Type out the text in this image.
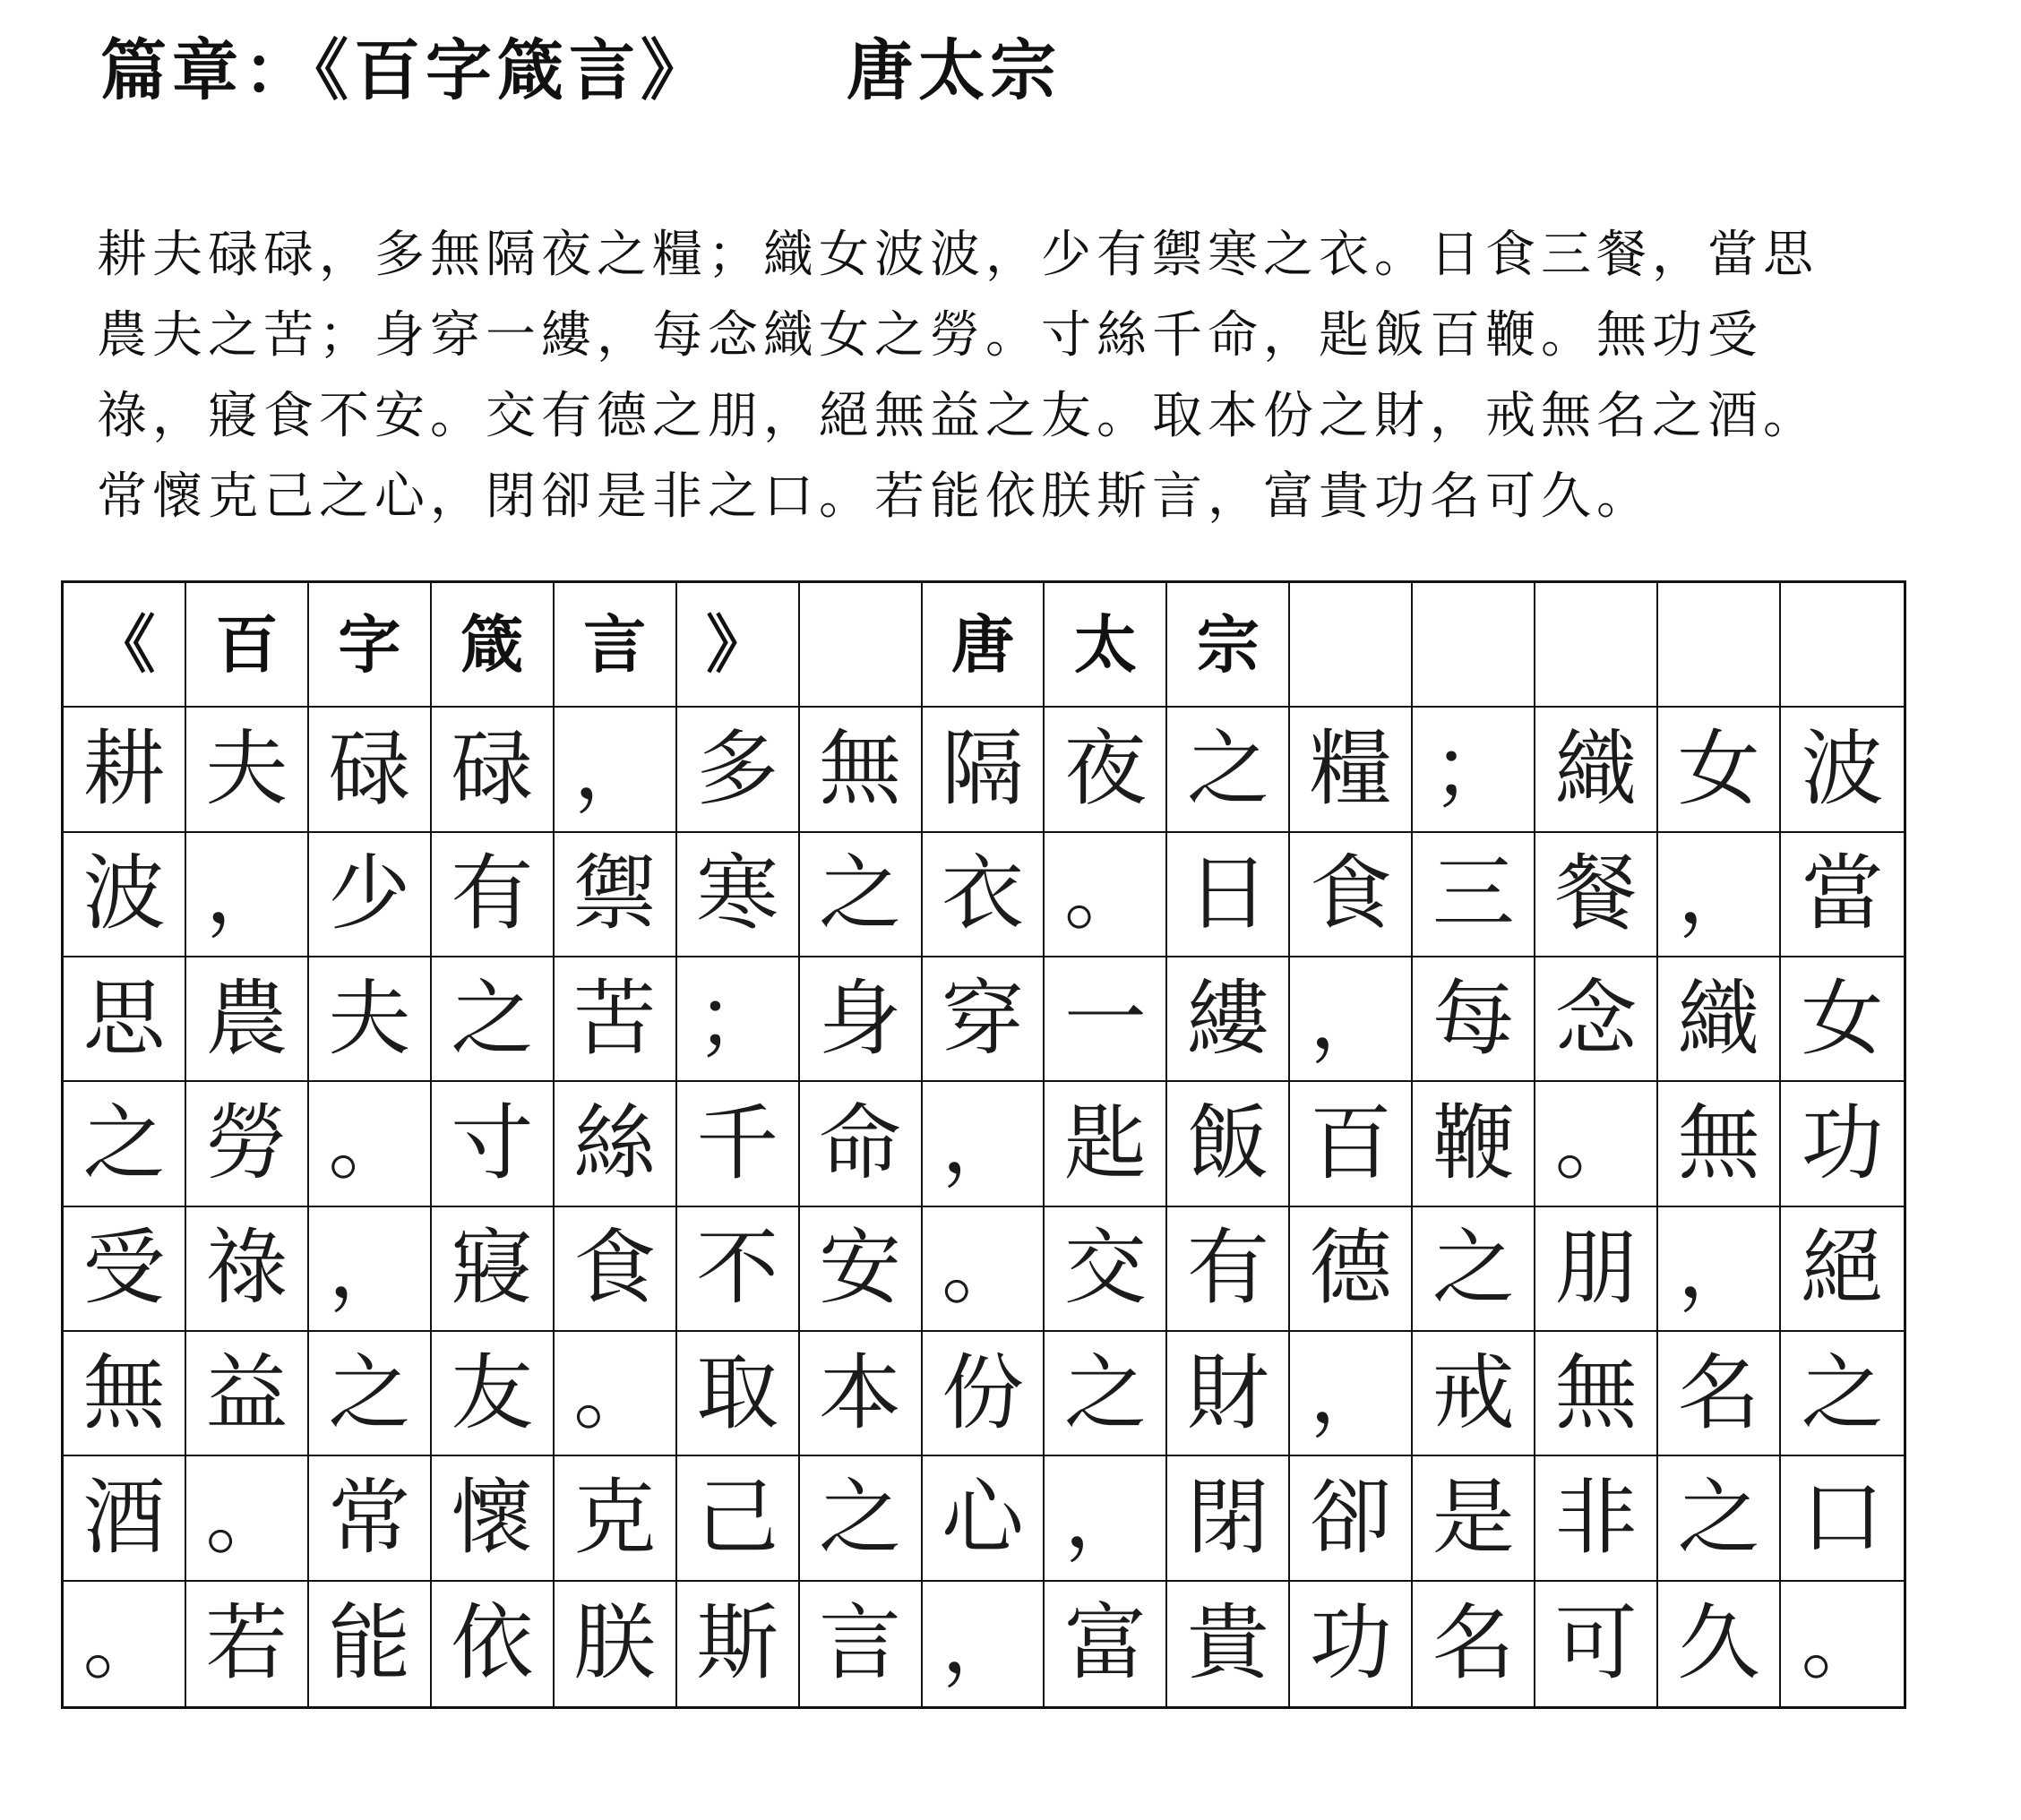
篇章：《百字箴言》 唐太宗
耕夫碌碌，多無隔夜之糧；織女波波，少有禦寒之衣。日食三餐，當思
農夫之苦；身穿一縷，每念織女之勞。寸絲千命，匙飯百鞭。無功受
祿，寢食不安。交有德之朋，絕無益之友。取本份之財，戒無名之酒。
常懷克己之心，閉卻是非之口。若能依朕斯言，富貴功名可久。
《 百 字 箴 言 》	唐 太 宗
耕 夫 碌 碌 ， 多 無 隔 夜 之 糧 ； 織 女 波
波 ， 少 有 禦 寒 之 衣 。 日 食 三 餐 ， 當
思 農 夫 之 苦 ； 身 穿 一 縷 ， 每 念 織 女
之 勞 。 寸 絲 千 命 ， 匙 飯 百 鞭 。 無 功
受 祿 ， 寢 食 不 安 。 交 有 德 之 朋 ， 絕
無 益 之 友 。 取 本 份 之 財 ， 戒 無 名 之
酒 。 常 懷 克 己 之 心 ， 閉 卻 是 非 之 口
。 若 能 依 朕 斯 言 ， 富 貴 功 名 可 久 。
